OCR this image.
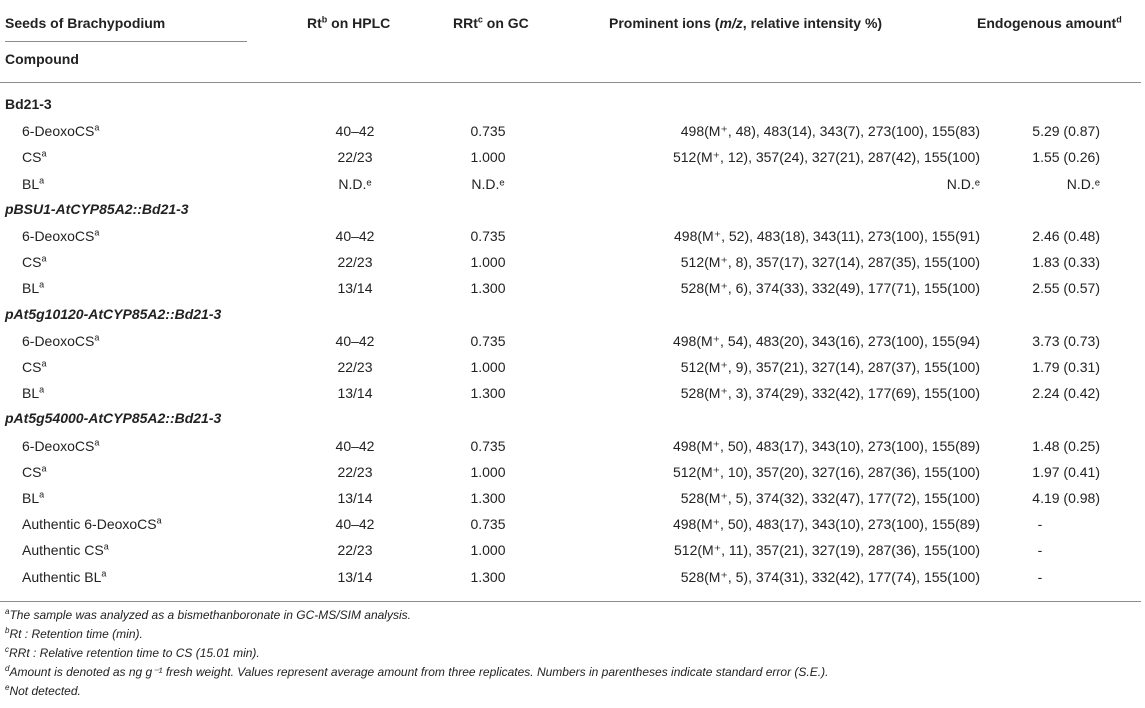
Seeds of Brachypodium
Compound
Rt$^b$ on HPLC	RRt$^c$ on GC	Prominent ions (m/z, relative intensity %)	Endogenous amount$^d$
Bd21-3
6-DeoxoCS$^a$	40–42	0.735	498(M⁺, 48), 483(14), 343(7), 273(100), 155(83)	5.29 (0.87)
$CS^a$	22/23	1.000	512(M⁺, 12), 357(24), 327(21), 287(42), 155(100)	1.55 (0.26)
$BL^a$	N.D.ᵉ	N.D.ᵉ	N.D.ᵉ	N.D.ᵉ
pBSU1-AtCYP85A2::Bd21-3
6-DeoxoCS$^a$	40–42	0.735	498(M⁺, 52), 483(18), 343(11), 273(100), 155(91)	2.46 (0.48)
$CS^a$	22/23	1.000	512(M⁺, 8), 357(17), 327(14), 287(35), 155(100)	1.83 (0.33)
$BL^a$	13/14	1.300	528(M⁺, 6), 374(33), 332(49), 177(71), 155(100)	2.55 (0.57)
pAt5g10120-AtCYP85A2::Bd21-3
6-DeoxoCS$^a$	40–42	0.735	498(M⁺, 54), 483(20), 343(16), 273(100), 155(94)	3.73 (0.73)
$CS^a$	22/23	1.000	512(M⁺, 9), 357(21), 327(14), 287(37), 155(100)	1.79 (0.31)
$BL^a$	13/14	1.300	528(M⁺, 3), 374(29), 332(42), 177(69), 155(100)	2.24 (0.42)
pAt5g54000-AtCYP85A2::Bd21-3
6-DeoxoCS$^a$	40–42	0.735	498(M⁺, 50), 483(17), 343(10), 273(100), 155(89)	1.48 (0.25)
$CS^a$	22/23	1.000	512(M⁺, 10), 357(20), 327(16), 287(36), 155(100)	1.97 (0.41)
$BL^a$	13/14	1.300	528(M⁺, 5), 374(32), 332(47), 177(72), 155(100)	4.19 (0.98)
Authentic 6-DeoxoCS$^a$	40–42	0.735	498(M⁺, 50), 483(17), 343(10), 273(100), 155(89)	-
Authentic $CS^a$	22/23	1.000	512(M⁺, 11), 357(21), 327(19), 287(36), 155(100)	-
Authentic $BL^a$	13/14	1.300	528(M⁺, 5), 374(31), 332(42), 177(74), 155(100)	-
$^a$The sample was analyzed as a bismethanboronate in GC-MS/SIM analysis.
$^b$Rt : Retention time (min).
$^c$RRt : Relative retention time to CS (15.01 min).
$^d$Amount is denoted as ng g⁻¹ fresh weight. Values represent average amount from three replicates. Numbers in parentheses indicate standard error (S.E.).
$^e$Not detected.
